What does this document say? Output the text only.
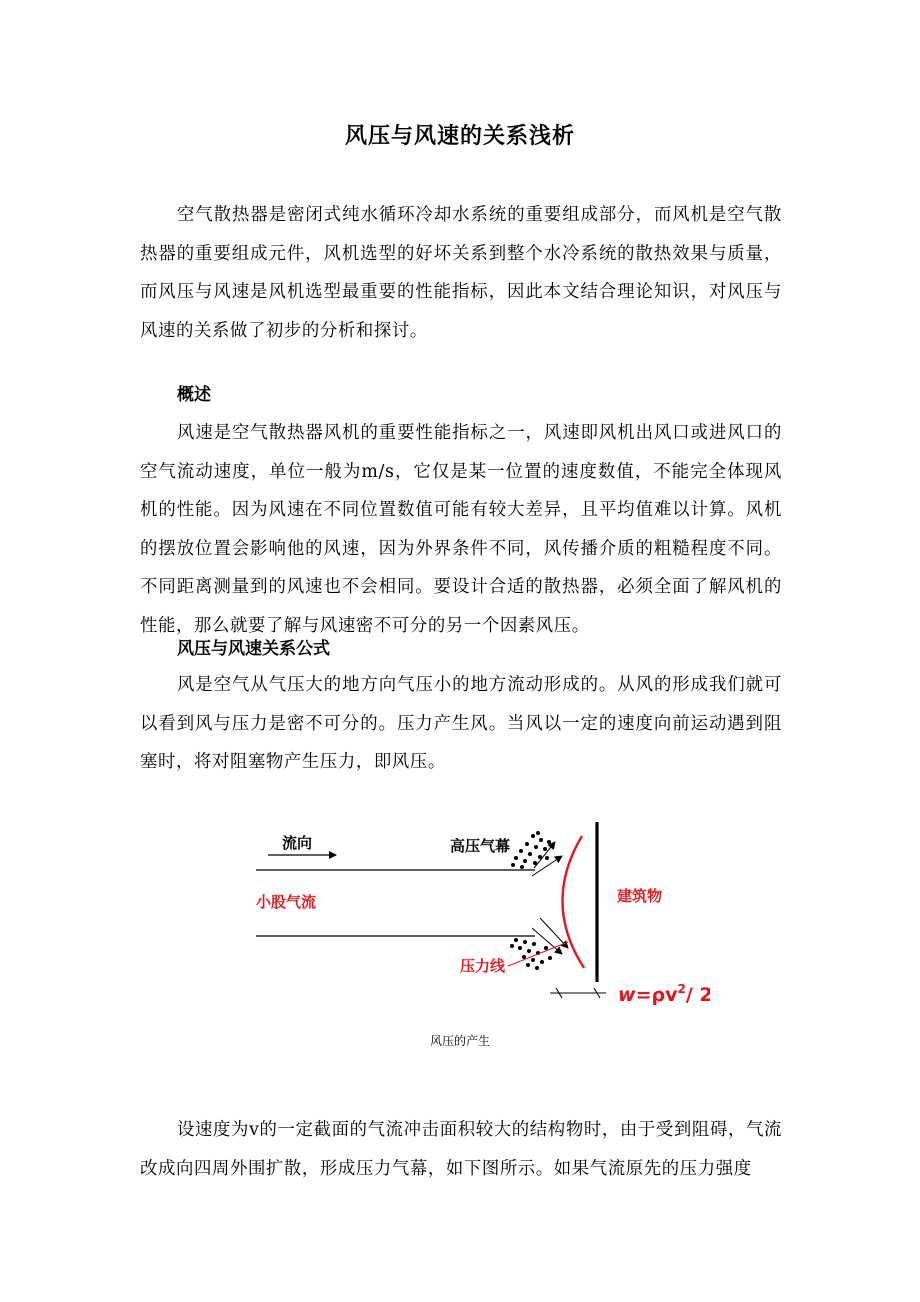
风压与风速的关系浅析

空气散热器是密闭式纯水循环冷却水系统的重要组成部分，而风机是空气散热器的重要组成元件，风机选型的好坏关系到整个水冷系统的散热效果与质量，而风压与风速是风机选型最重要的性能指标，因此本文结合理论知识，对风压与风速的关系做了初步的分析和探讨。

概述

风速是空气散热器风机的重要性能指标之一，风速即风机出风口或进风口的空气流动速度，单位一般为m/s，它仅是某一位置的速度数值，不能完全体现风机的性能。因为风速在不同位置数值可能有较大差异，且平均值难以计算。风机的摆放位置会影响他的风速，因为外界条件不同，风传播介质的粗糙程度不同。不同距离测量到的风速也不会相同。要设计合适的散热器，必须全面了解风机的性能，那么就要了解与风速密不可分的另一个因素风压。

风压与风速关系公式

风是空气从气压大的地方向气压小的地方流动形成的。从风的形成我们就可以看到风与压力是密不可分的。压力产生风。当风以一定的速度向前运动遇到阻塞时，将对阻塞物产生压力，即风压。

流向
小股气流
高压气幕
建筑物
压力线
$w=\rho v^2/$ 2

风压的产生

设速度为v的一定截面的气流冲击面积较大的结构物时，由于受到阻碍，气流改成向四周外围扩散，形成压力气幕，如下图所示。如果气流原先的压力强度
